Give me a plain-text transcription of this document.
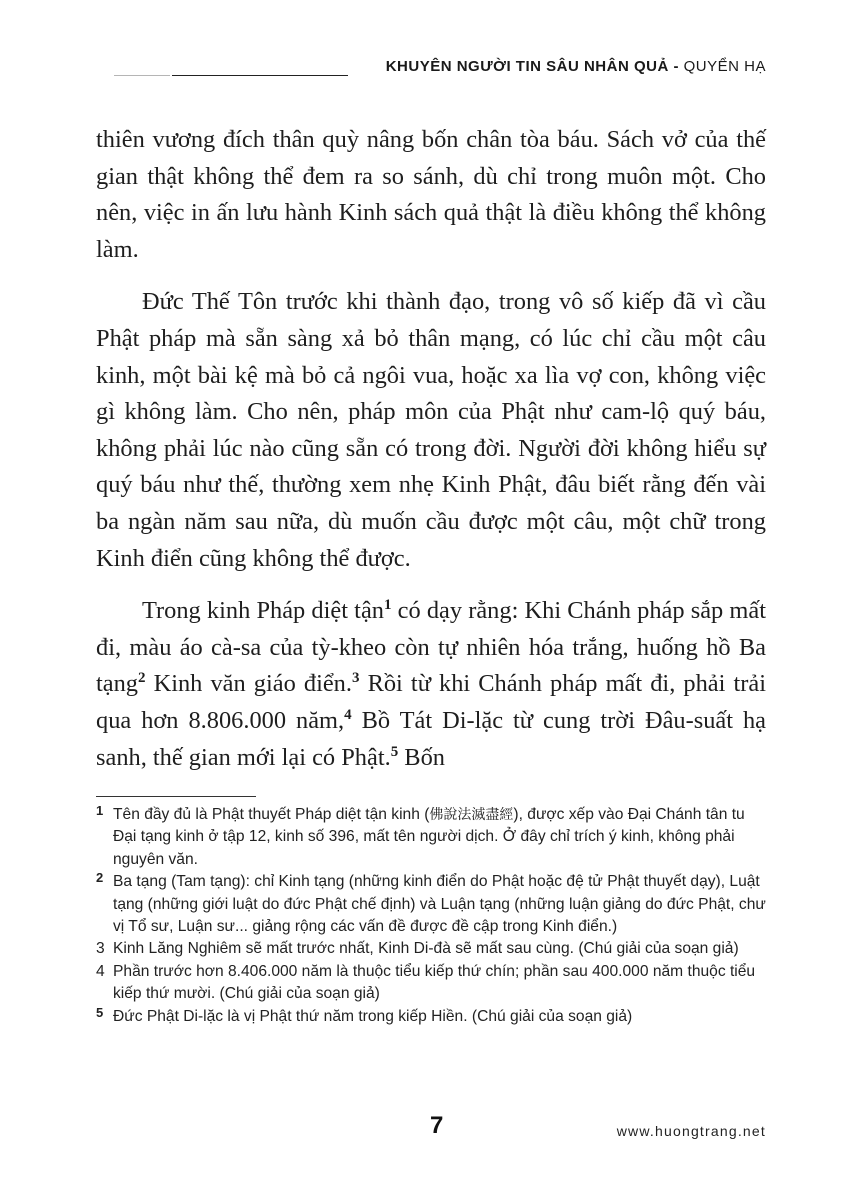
KHUYÊN NGƯỜI TIN SÂU NHÂN QUẢ - QUYỂN HẠ

thiên vương đích thân quỳ nâng bốn chân tòa báu. Sách vở của thế gian thật không thể đem ra so sánh, dù chỉ trong muôn một. Cho nên, việc in ấn lưu hành Kinh sách quả thật là điều không thể không làm.

Đức Thế Tôn trước khi thành đạo, trong vô số kiếp đã vì cầu Phật pháp mà sẵn sàng xả bỏ thân mạng, có lúc chỉ cầu một câu kinh, một bài kệ mà bỏ cả ngôi vua, hoặc xa lìa vợ con, không việc gì không làm. Cho nên, pháp môn của Phật như cam-lộ quý báu, không phải lúc nào cũng sẵn có trong đời. Người đời không hiểu sự quý báu như thế, thường xem nhẹ Kinh Phật, đâu biết rằng đến vài ba ngàn năm sau nữa, dù muốn cầu được một câu, một chữ trong Kinh điển cũng không thể được.

Trong kinh Pháp diệt tận$^1$ có dạy rằng: Khi Chánh pháp sắp mất đi, màu áo cà-sa của tỳ-kheo còn tự nhiên hóa trắng, huống hồ Ba tạng$^2$ Kinh văn giáo điển.$^3$ Rồi từ khi Chánh pháp mất đi, phải trải qua hơn 8.806.000 năm,$^4$ Bồ Tát Di-lặc từ cung trời Đâu-suất hạ sanh, thế gian mới lại có Phật.$^5$ Bốn

1 Tên đầy đủ là Phật thuyết Pháp diệt tận kinh (佛說法滅盡經), được xếp vào Đại Chánh tân tu Đại tạng kinh ở tập 12, kinh số 396, mất tên người dịch. Ở đây chỉ trích ý kinh, không phải nguyên văn.
2 Ba tạng (Tam tạng): chỉ Kinh tạng (những kinh điển do Phật hoặc đệ tử Phật thuyết dạy), Luật tạng (những giới luật do đức Phật chế định) và Luận tạng (những luận giảng do đức Phật, chư vị Tổ sư, Luận sư... giảng rộng các vấn đề được đề cập trong Kinh điển.)
3 Kinh Lăng Nghiêm sẽ mất trước nhất, Kinh Di-đà sẽ mất sau cùng. (Chú giải của soạn giả)
4 Phần trước hơn 8.406.000 năm là thuộc tiểu kiếp thứ chín; phần sau 400.000 năm thuộc tiểu kiếp thứ mười. (Chú giải của soạn giả)
5 Đức Phật Di-lặc là vị Phật thứ năm trong kiếp Hiền. (Chú giải của soạn giả)
7	www.huongtrang.net
